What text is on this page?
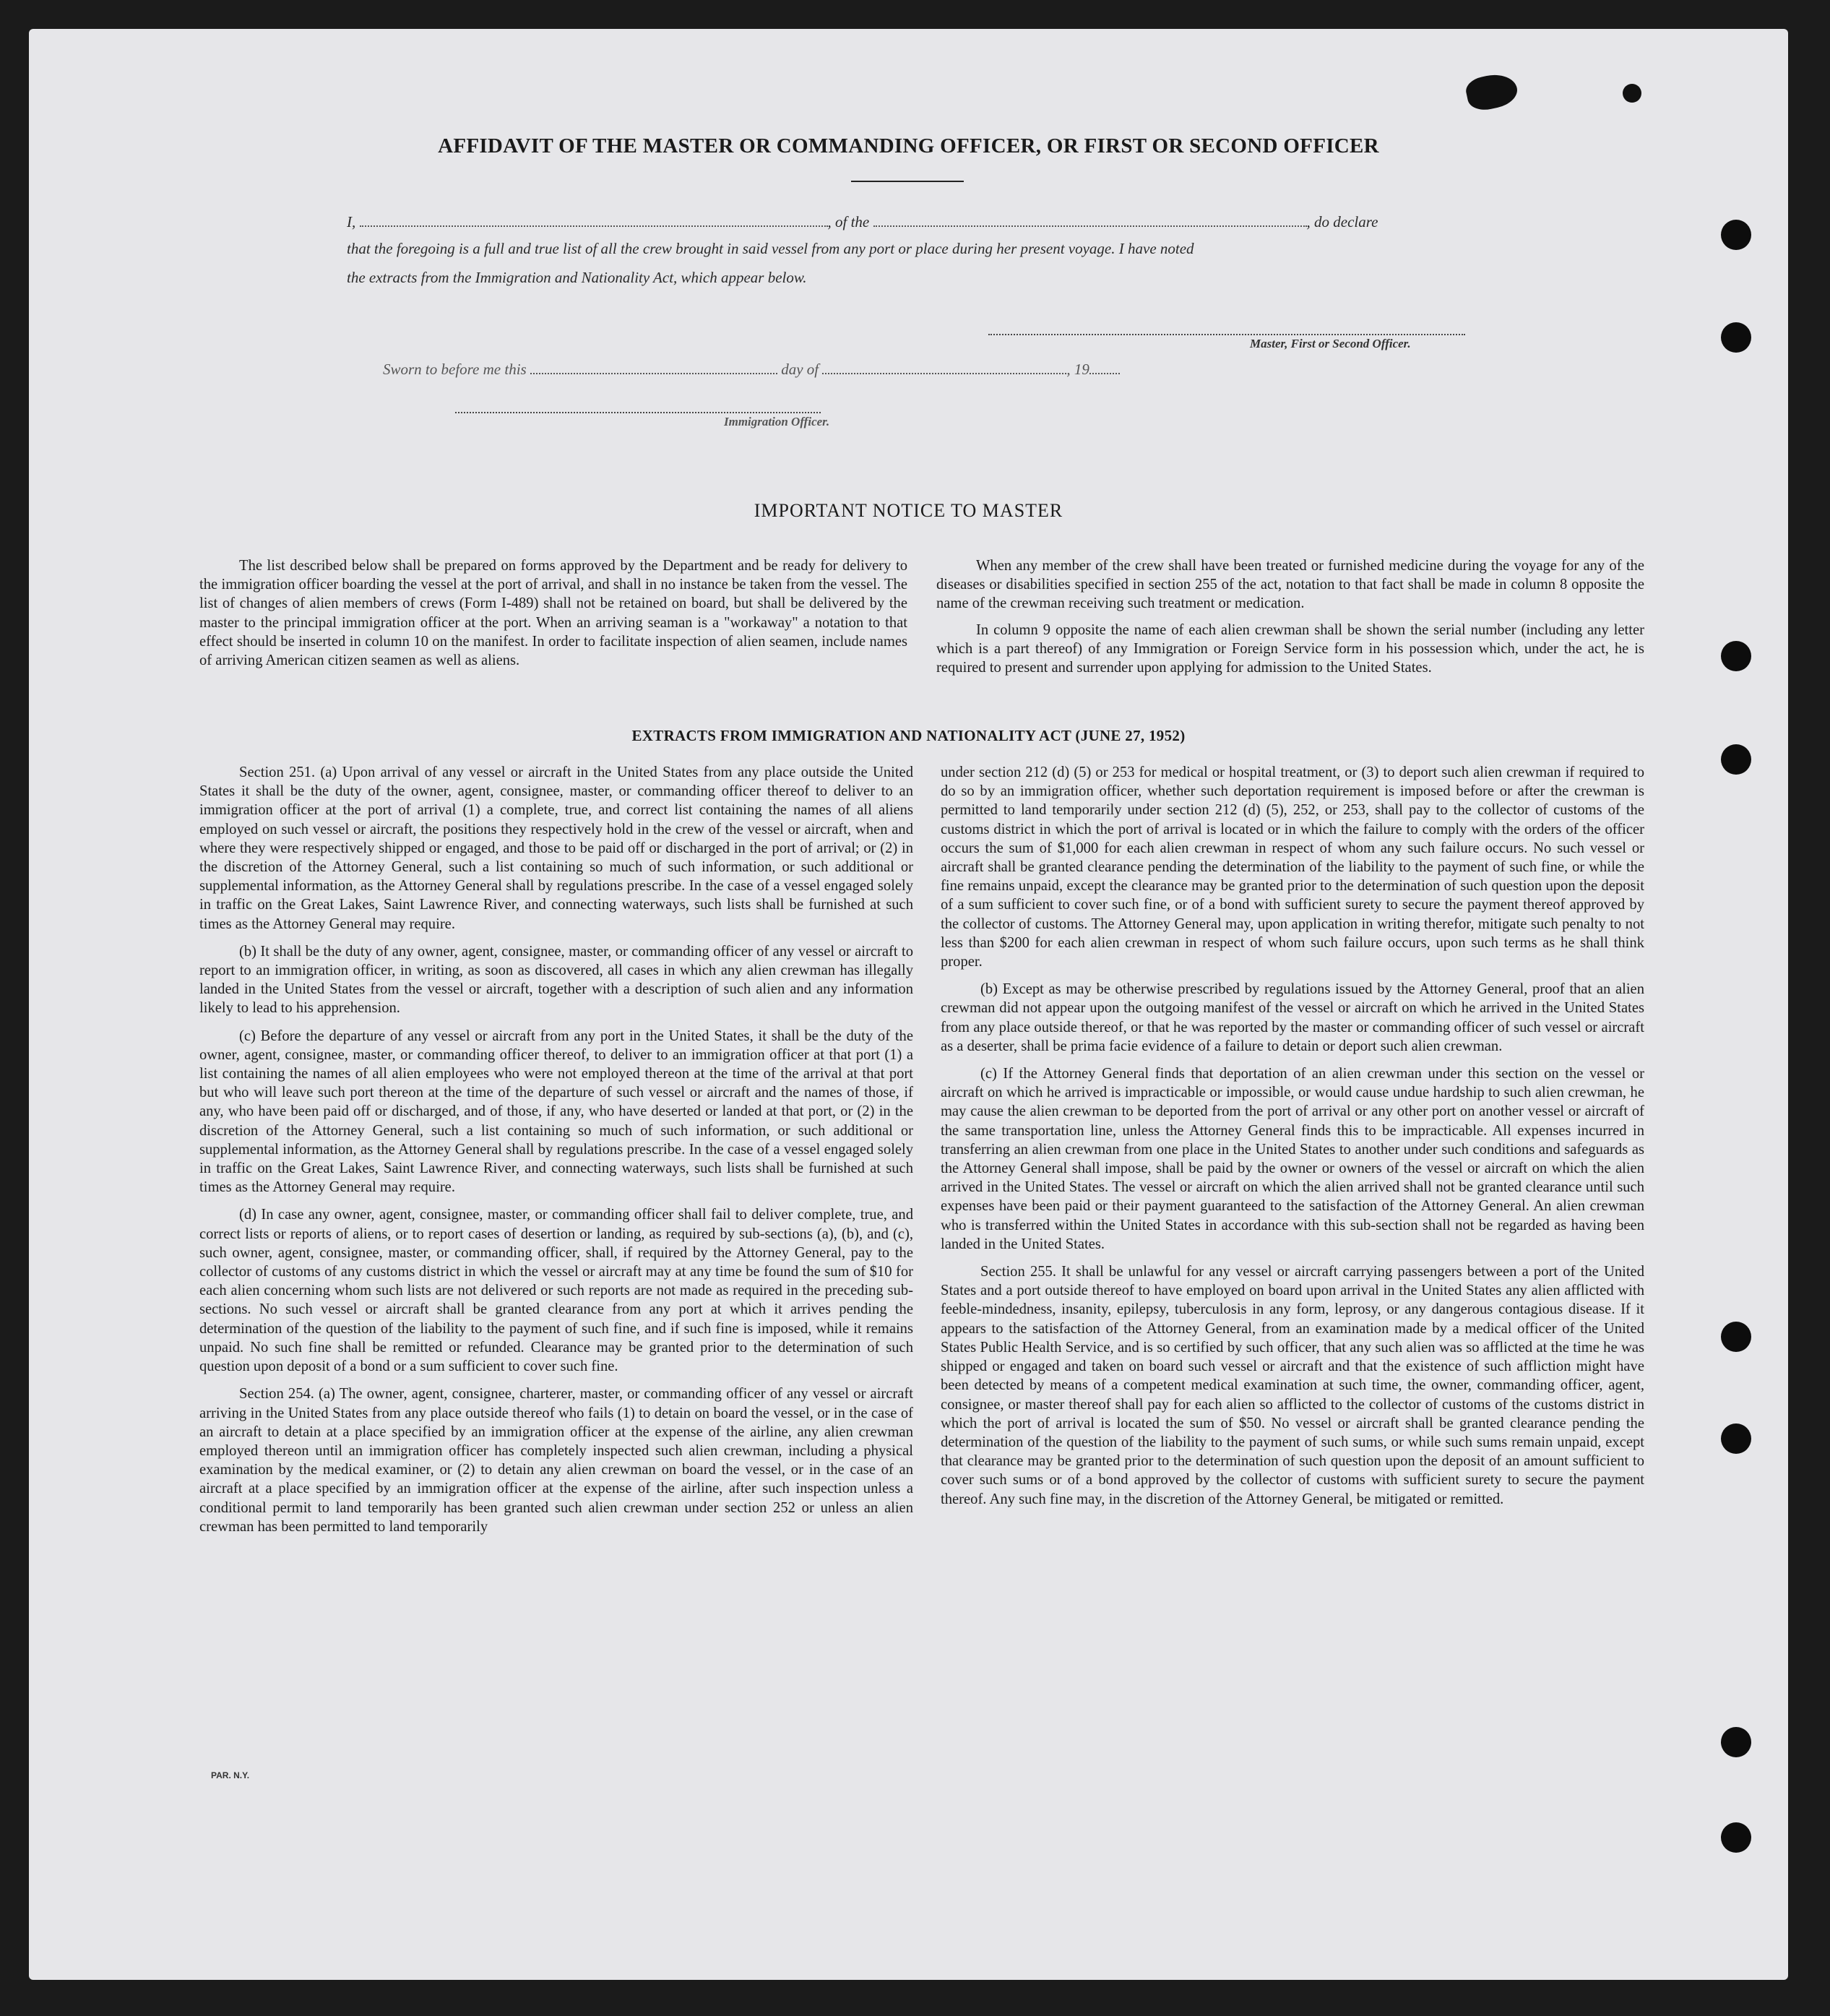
AFFIDAVIT OF THE MASTER OR COMMANDING OFFICER, OR FIRST OR SECOND OFFICER
I,	, of the	, do declare
that the foregoing is a full and true list of all the crew brought in said vessel from any port or place during her present voyage. I have noted
the extracts from the Immigration and Nationality Act, which appear below.
Master, First or Second Officer.
Sworn to before me this	day of	, 19
Immigration Officer.
IMPORTANT NOTICE TO MASTER

The list described below shall be prepared on forms approved by the Department and be ready for delivery to the immigration officer boarding the vessel at the port of arrival, and shall in no instance be taken from the vessel. The list of changes of alien members of crews (Form I-489) shall not be retained on board, but shall be delivered by the master to the principal immigration officer at the port. When an arriving seaman is a "workaway" a notation to that effect should be inserted in column 10 on the manifest. In order to facilitate inspection of alien seamen, include names of arriving American citizen seamen as well as aliens.

When any member of the crew shall have been treated or furnished medicine during the voyage for any of the diseases or disabilities specified in section 255 of the act, notation to that fact shall be made in column 8 opposite the name of the crewman receiving such treatment or medication.

In column 9 opposite the name of each alien crewman shall be shown the serial number (including any letter which is a part thereof) of any Immigration or Foreign Service form in his possession which, under the act, he is required to present and surrender upon applying for admission to the United States.

EXTRACTS FROM IMMIGRATION AND NATIONALITY ACT (JUNE 27, 1952)

Section 251. (a) Upon arrival of any vessel or aircraft in the United States from any place outside the United States it shall be the duty of the owner, agent, consignee, master, or commanding officer thereof to deliver to an immigration officer at the port of arrival (1) a complete, true, and correct list containing the names of all aliens employed on such vessel or aircraft, the positions they respectively hold in the crew of the vessel or aircraft, when and where they were respectively shipped or engaged, and those to be paid off or discharged in the port of arrival; or (2) in the discretion of the Attorney General, such a list containing so much of such information, or such additional or supplemental information, as the Attorney General shall by regulations prescribe. In the case of a vessel engaged solely in traffic on the Great Lakes, Saint Lawrence River, and connecting waterways, such lists shall be furnished at such times as the Attorney General may require.

(b) It shall be the duty of any owner, agent, consignee, master, or commanding officer of any vessel or aircraft to report to an immigration officer, in writing, as soon as discovered, all cases in which any alien crewman has illegally landed in the United States from the vessel or aircraft, together with a description of such alien and any information likely to lead to his apprehension.

(c) Before the departure of any vessel or aircraft from any port in the United States, it shall be the duty of the owner, agent, consignee, master, or commanding officer thereof, to deliver to an immigration officer at that port (1) a list containing the names of all alien employees who were not employed thereon at the time of the arrival at that port but who will leave such port thereon at the time of the departure of such vessel or aircraft and the names of those, if any, who have been paid off or discharged, and of those, if any, who have deserted or landed at that port, or (2) in the discretion of the Attorney General, such a list containing so much of such information, or such additional or supplemental information, as the Attorney General shall by regulations prescribe. In the case of a vessel engaged solely in traffic on the Great Lakes, Saint Lawrence River, and connecting waterways, such lists shall be furnished at such times as the Attorney General may require.

(d) In case any owner, agent, consignee, master, or commanding officer shall fail to deliver complete, true, and correct lists or reports of aliens, or to report cases of desertion or landing, as required by sub-sections (a), (b), and (c), such owner, agent, consignee, master, or commanding officer, shall, if required by the Attorney General, pay to the collector of customs of any customs district in which the vessel or aircraft may at any time be found the sum of $10 for each alien concerning whom such lists are not delivered or such reports are not made as required in the preceding sub-sections. No such vessel or aircraft shall be granted clearance from any port at which it arrives pending the determination of the question of the liability to the payment of such fine, and if such fine is imposed, while it remains unpaid. No such fine shall be remitted or refunded. Clearance may be granted prior to the determination of such question upon deposit of a bond or a sum sufficient to cover such fine.

Section 254. (a) The owner, agent, consignee, charterer, master, or commanding officer of any vessel or aircraft arriving in the United States from any place outside thereof who fails (1) to detain on board the vessel, or in the case of an aircraft to detain at a place specified by an immigration officer at the expense of the airline, any alien crewman employed thereon until an immigration officer has completely inspected such alien crewman, including a physical examination by the medical examiner, or (2) to detain any alien crewman on board the vessel, or in the case of an aircraft at a place specified by an immigration officer at the expense of the airline, after such inspection unless a conditional permit to land temporarily has been granted such alien crewman under section 252 or unless an alien crewman has been permitted to land temporarily

under section 212 (d) (5) or 253 for medical or hospital treatment, or (3) to deport such alien crewman if required to do so by an immigration officer, whether such deportation requirement is imposed before or after the crewman is permitted to land temporarily under section 212 (d) (5), 252, or 253, shall pay to the collector of customs of the customs district in which the port of arrival is located or in which the failure to comply with the orders of the officer occurs the sum of $1,000 for each alien crewman in respect of whom any such failure occurs. No such vessel or aircraft shall be granted clearance pending the determination of the liability to the payment of such fine, or while the fine remains unpaid, except the clearance may be granted prior to the determination of such question upon the deposit of a sum sufficient to cover such fine, or of a bond with sufficient surety to secure the payment thereof approved by the collector of customs. The Attorney General may, upon application in writing therefor, mitigate such penalty to not less than $200 for each alien crewman in respect of whom such failure occurs, upon such terms as he shall think proper.

(b) Except as may be otherwise prescribed by regulations issued by the Attorney General, proof that an alien crewman did not appear upon the outgoing manifest of the vessel or aircraft on which he arrived in the United States from any place outside thereof, or that he was reported by the master or commanding officer of such vessel or aircraft as a deserter, shall be prima facie evidence of a failure to detain or deport such alien crewman.

(c) If the Attorney General finds that deportation of an alien crewman under this section on the vessel or aircraft on which he arrived is impracticable or impossible, or would cause undue hardship to such alien crewman, he may cause the alien crewman to be deported from the port of arrival or any other port on another vessel or aircraft of the same transportation line, unless the Attorney General finds this to be impracticable. All expenses incurred in transferring an alien crewman from one place in the United States to another under such conditions and safeguards as the Attorney General shall impose, shall be paid by the owner or owners of the vessel or aircraft on which the alien arrived in the United States. The vessel or aircraft on which the alien arrived shall not be granted clearance until such expenses have been paid or their payment guaranteed to the satisfaction of the Attorney General. An alien crewman who is transferred within the United States in accordance with this sub-section shall not be regarded as having been landed in the United States.

Section 255. It shall be unlawful for any vessel or aircraft carrying passengers between a port of the United States and a port outside thereof to have employed on board upon arrival in the United States any alien afflicted with feeble-mindedness, insanity, epilepsy, tuberculosis in any form, leprosy, or any dangerous contagious disease. If it appears to the satisfaction of the Attorney General, from an examination made by a medical officer of the United States Public Health Service, and is so certified by such officer, that any such alien was so afflicted at the time he was shipped or engaged and taken on board such vessel or aircraft and that the existence of such affliction might have been detected by means of a competent medical examination at such time, the owner, commanding officer, agent, consignee, or master thereof shall pay for each alien so afflicted to the collector of customs of the customs district in which the port of arrival is located the sum of $50. No vessel or aircraft shall be granted clearance pending the determination of the question of the liability to the payment of such sums, or while such sums remain unpaid, except that clearance may be granted prior to the determination of such question upon the deposit of an amount sufficient to cover such sums or of a bond approved by the collector of customs with sufficient surety to secure the payment thereof. Any such fine may, in the discretion of the Attorney General, be mitigated or remitted.

PAR. N.Y.
